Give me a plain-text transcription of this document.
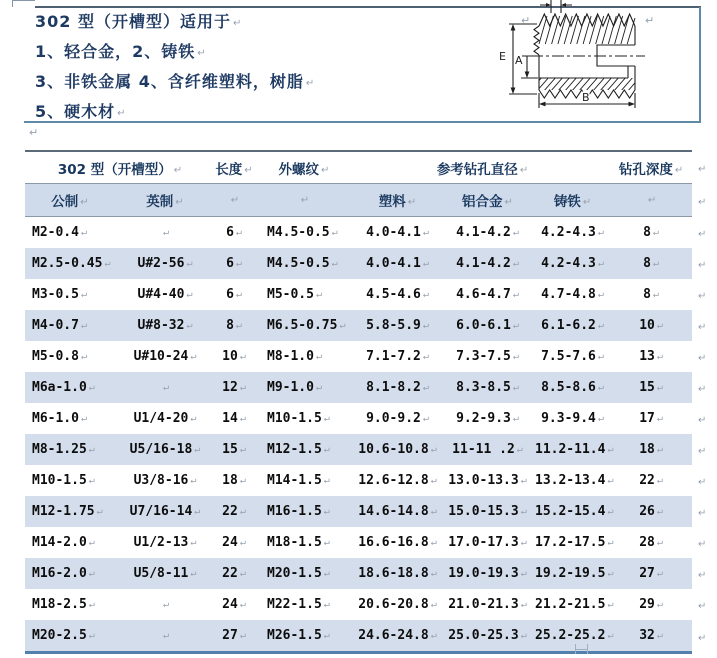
302 型（开槽型）适用于 ↵
1、轻合金，2、铸铁 ↵
3、非铁金属 4、含纤维塑料，树脂 ↵
5、硬木材 ↵
E A
B
↵	↵
↵
302 型（开槽型） ↵		长度 ↵	外螺纹 ↵	参考钻孔直径 ↵			钻孔深度 ↵	↵
公制 ↵	英制 ↵	↵	↵	塑料 ↵	铝合金 ↵	铸铁 ↵	↵	↵
M2-0.4 ↵	↵	6 ↵	M4.5-0.5 ↵	4.0-4.1 ↵	4.1-4.2 ↵	4.2-4.3 ↵	8 ↵	↵
M2.5-0.45 ↵	U#2-56 ↵	6 ↵	M4.5-0.5 ↵	4.0-4.1 ↵	4.1-4.2 ↵	4.2-4.3 ↵	8 ↵	↵
M3-0.5 ↵	U#4-40 ↵	6 ↵	M5-0.5 ↵	4.5-4.6 ↵	4.6-4.7 ↵	4.7-4.8 ↵	8 ↵	↵
M4-0.7 ↵	U#8-32 ↵	8 ↵	M6.5-0.75 ↵	5.8-5.9 ↵	6.0-6.1 ↵	6.1-6.2 ↵	10 ↵	↵
M5-0.8 ↵	U#10-24 ↵	10 ↵	M8-1.0 ↵	7.1-7.2 ↵	7.3-7.5 ↵	7.5-7.6 ↵	13 ↵	↵
M6a-1.0 ↵	↵	12 ↵	M9-1.0 ↵	8.1-8.2 ↵	8.3-8.5 ↵	8.5-8.6 ↵	15 ↵	↵
M6-1.0 ↵	U1/4-20 ↵	14 ↵	M10-1.5 ↵	9.0-9.2 ↵	9.2-9.3 ↵	9.3-9.4 ↵	17 ↵	↵
M8-1.25 ↵	U5/16-18 ↵	15 ↵	M12-1.5 ↵	10.6-10.8 ↵	11-11 .2 ↵	11.2-11.4 ↵	18 ↵	↵
M10-1.5 ↵	U3/8-16 ↵	18 ↵	M14-1.5 ↵	12.6-12.8 ↵	13.0-13.3 ↵	13.2-13.4 ↵	22 ↵	↵
M12-1.75 ↵	U7/16-14 ↵	22 ↵	M16-1.5 ↵	14.6-14.8 ↵	15.0-15.3 ↵	15.2-15.4 ↵	26 ↵	↵
M14-2.0 ↵	U1/2-13 ↵	24 ↵	M18-1.5 ↵	16.6-16.8 ↵	17.0-17.3 ↵	17.2-17.5 ↵	28 ↵	↵
M16-2.0 ↵	U5/8-11 ↵	22 ↵	M20-1.5 ↵	18.6-18.8 ↵	19.0-19.3 ↵	19.2-19.5 ↵	27 ↵	↵
M18-2.5 ↵	↵	24 ↵	M22-1.5 ↵	20.6-20.8 ↵	21.0-21.3 ↵	21.2-21.5 ↵	29 ↵	↵
M20-2.5 ↵	↵	27 ↵	M26-1.5 ↵	24.6-24.8 ↵	25.0-25.3 ↵	25.2-25.2 ↵	32 ↵	↵
